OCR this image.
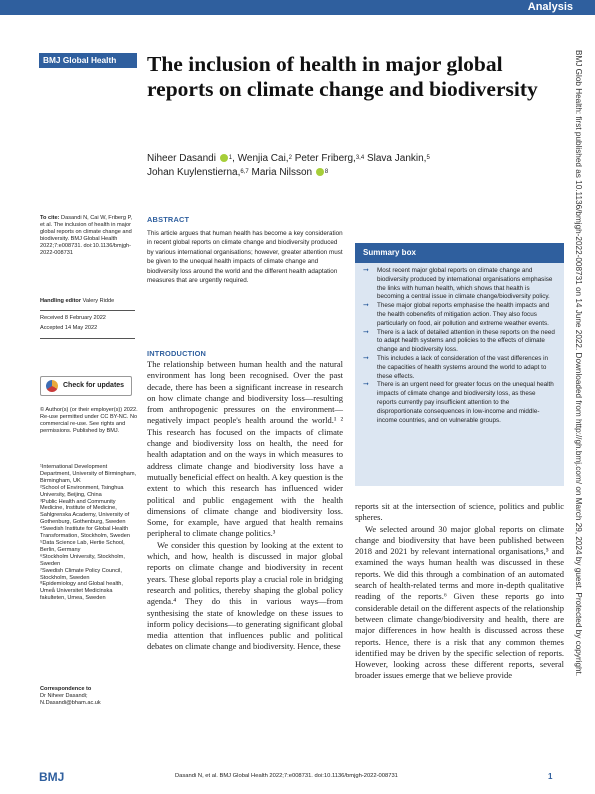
Analysis
BMJ Global Health	The inclusion of health in major global reports on climate change and biodiversity
Niheer Dasandi $^1$, Wenjia Cai,$^2$ Peter Friberg,$^{3,4}$ Slava Jankin,$^5$
Johan Kuylenstierna,$^{6,7}$ Maria Nilsson $^8$	BMJ Glob Health: first published as 10.1136/bmjgh-2022-008731 on 14 June 2022. Downloaded from http://gh.bmj.com/ on March 29, 2024 by guest. Protected by copyright.
To cite: Dasandi N, Cai W, Friberg P, et al. The inclusion of health in major global reports on climate change and biodiversity. BMJ Global Health 2022;7:e008731. doi:10.1136/bmjgh-2022-008731
Handling editor Valery Ridde
Received 8 February 2022
Accepted 14 May 2022
Check for updates
© Author(s) (or their employer(s)) 2022. Re-use permitted under CC BY-NC. No commercial re-use. See rights and permissions. Published by BMJ.
¹International Development Department, University of Birmingham, Birmingham, UK
²School of Environment, Tsinghua University, Beijing, China
³Public Health and Community Medicine, Institute of Medicine, Sahlgrenska Academy, University of Gothenburg, Gothenburg, Sweden
⁴Swedish Institute for Global Health Transformation, Stockholm, Sweden
⁵Data Science Lab, Hertie School, Berlin, Germany
⁶Stockholm University, Stockholm, Sweden
⁷Swedish Climate Policy Council, Stockholm, Sweden
⁸Epidemiology and Global health, Umeå Universitet Medicinska fakulteten, Umea, Sweden
Correspondence to
Dr Niheer Dasandi;
N.Dasandi@bham.ac.uk
ABSTRACT
This article argues that human health has become a key consideration in recent global reports on climate change and biodiversity produced by various international organisations; however, greater attention must be given to the unequal health impacts of climate change and biodiversity loss around the world and the different health adaptation measures that are urgently required.
Summary box
➞ Most recent major global reports on climate change and biodiversity produced by international organisations emphasise the links with human health, which shows that health is becoming a central issue in climate change/biodiversity policy.
➞ These major global reports emphasise the health impacts and the health cobenefits of mitigation action. They also focus particularly on food, air pollution and extreme weather events.
➞ There is a lack of detailed attention in these reports on the need to adapt health systems and policies to the effects of climate change and biodiversity loss.
➞ This includes a lack of consideration of the vast differences in the capacities of health systems around the world to adapt to these effects.
➞ There is an urgent need for greater focus on the unequal health impacts of climate change and biodiversity loss, as these reports currently pay insufficient attention to the disproportionate consequences in low-income and middle-income countries, and on vulnerable groups.
INTRODUCTION

The relationship between human health and the natural environment has long been recognised. Over the past decade, there has been a significant increase in research on how climate change and biodiversity loss—resulting from anthropogenic pressures on the environment—negatively impact people's health around the world.¹ ² This research has focused on the impacts of climate change and biodiversity loss on health, the need for health adaptation and on the ways in which measures to address climate change and biodiversity loss have a mutually beneficial effect on health. A key question is the extent to which this research has influenced wider political and public engagement with the health dimensions of climate change and biodiversity loss. Some, for example, have argued that health remains peripheral to climate change politics.³

We consider this question by looking at the extent to which, and how, health is discussed in major global reports on climate change and biodiversity in recent years. These global reports play a crucial role in bridging research and politics, thereby shaping the global policy agenda.⁴ They do this in various ways—from synthesising the state of knowledge on these issues to inform policy decisions—to generating significant global media attention that influences public and political debates on climate change and biodiversity. Hence, these

reports sit at the intersection of science, politics and public spheres.

We selected around 30 major global reports on climate change and biodiversity that have been published between 2018 and 2021 by relevant international organisations,⁵ and examined the ways human health was discussed in these reports. We did this through a combination of an automated search of health-related terms and more in-depth qualitative reading of the reports.⁶ Given these reports go into considerable detail on the different aspects of the relationship between climate change/biodiversity and health, there are major differences in how health is discussed across these reports. Hence, there is a risk that any common themes identified may be driven by the specific selection of reports. However, looking across these different reports, several broader issues emerge that we believe provide

BMJ	Dasandi N, et al. BMJ Global Health 2022;7:e008731. doi:10.1136/bmjgh-2022-008731	1
